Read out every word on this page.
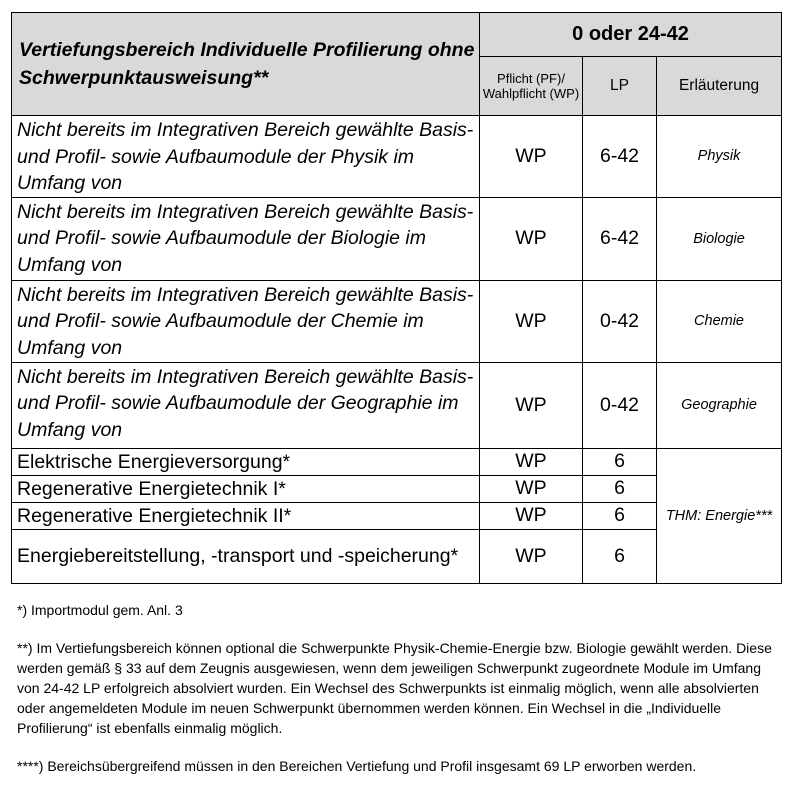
Vertiefungsbereich Individuelle Profilierung ohne Schwerpunktausweisung**	0 oder 24-42		
	Pflicht (PF)/ Wahlpflicht (WP)	LP	Erläuterung
Nicht bereits im Integrativen Bereich gewählte Basis- und Profil- sowie Aufbaumodule der Physik im Umfang von	WP	6-42	Physik
Nicht bereits im Integrativen Bereich gewählte Basis- und Profil- sowie Aufbaumodule der Biologie im Umfang von	WP	6-42	Biologie
Nicht bereits im Integrativen Bereich gewählte Basis- und Profil- sowie Aufbaumodule der Chemie im Umfang von	WP	0-42	Chemie
Nicht bereits im Integrativen Bereich gewählte Basis- und Profil- sowie Aufbaumodule der Geographie im Umfang von	WP	0-42	Geographie
Elektrische Energieversorgung*	WP	6	THM: Energie***
Regenerative Energietechnik I*	WP	6	
Regenerative Energietechnik II*	WP	6	
Energiebereitstellung, -transport und -speicherung*	WP	6	

*) Importmodul gem. Anl. 3

**) Im Vertiefungsbereich können optional die Schwerpunkte Physik-Chemie-Energie bzw. Biologie gewählt werden. Diese werden gemäß § 33 auf dem Zeugnis ausgewiesen, wenn dem jeweiligen Schwerpunkt zugeordnete Module im Umfang von 24-42 LP erfolgreich absolviert wurden. Ein Wechsel des Schwerpunkts ist einmalig möglich, wenn alle absolvierten oder angemeldeten Module im neuen Schwerpunkt übernommen werden können. Ein Wechsel in die „Individuelle Profilierung“ ist ebenfalls einmalig möglich.

****) Bereichsübergreifend müssen in den Bereichen Vertiefung und Profil insgesamt 69 LP erworben werden.
